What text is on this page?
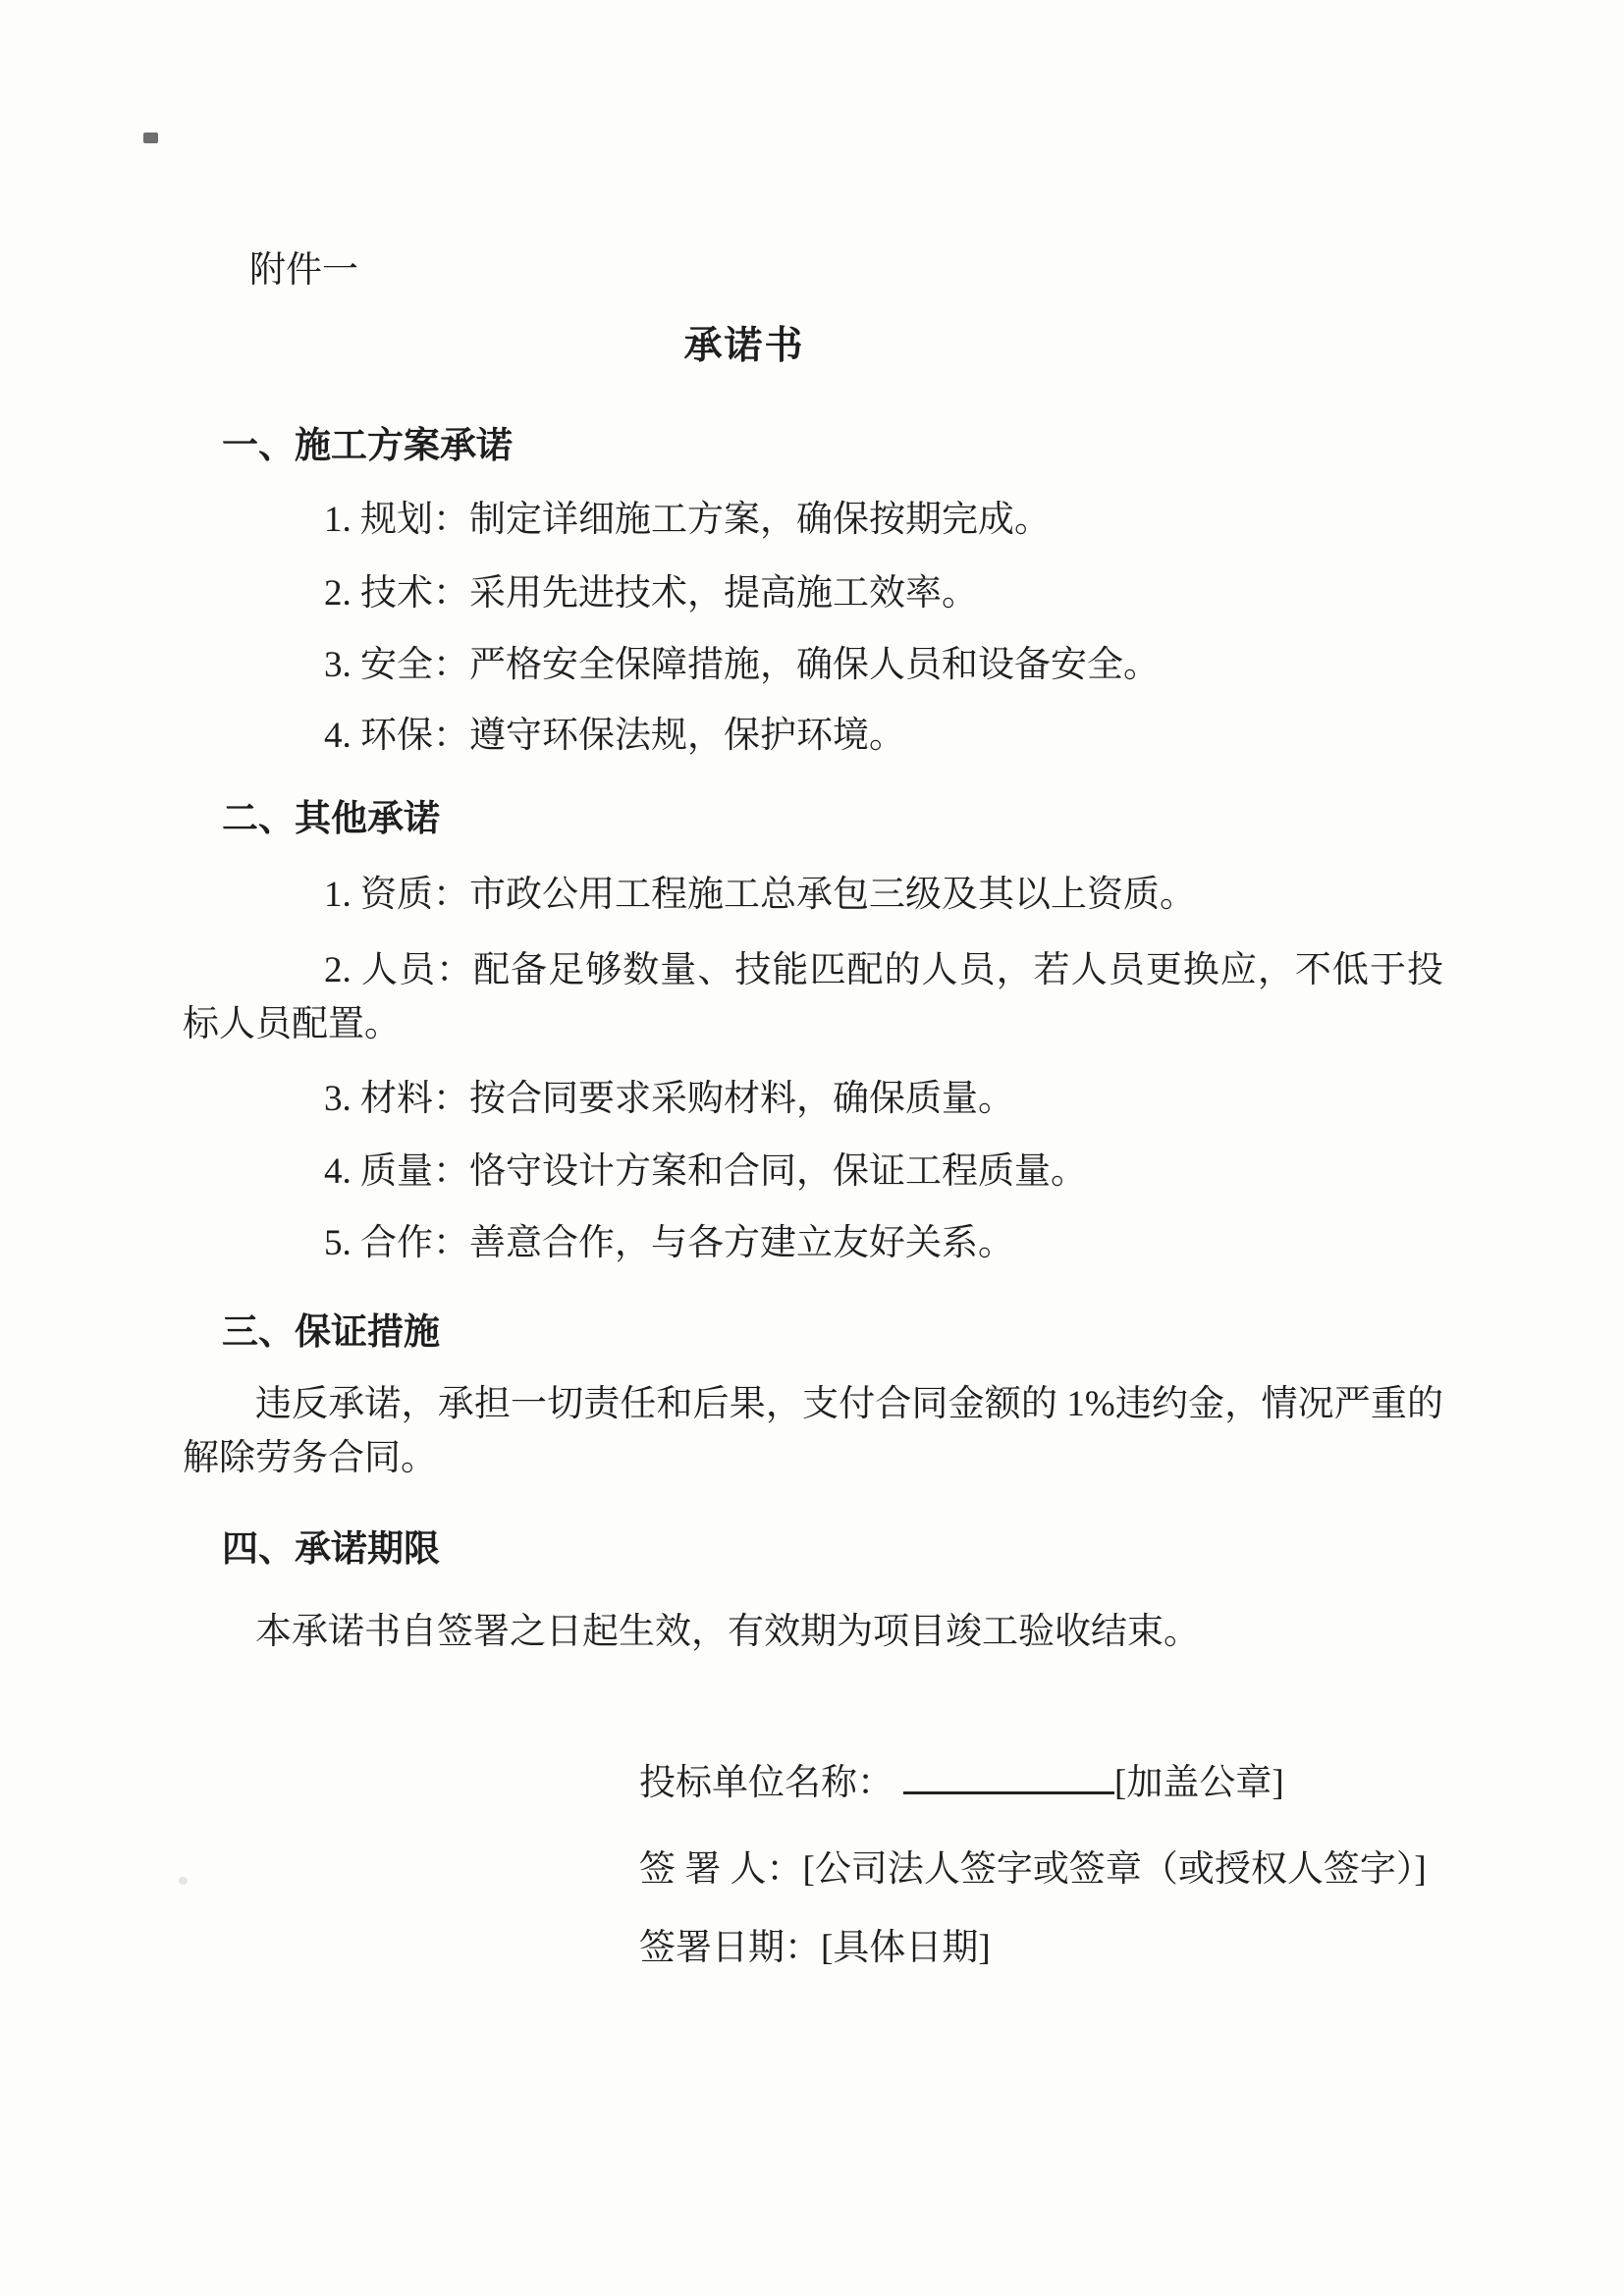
附件一
承诺书
一、施工方案承诺
1. 规划：制定详细施工方案，确保按期完成。
2. 技术：采用先进技术，提高施工效率。
3. 安全：严格安全保障措施，确保人员和设备安全。
4. 环保：遵守环保法规，保护环境。
二、其他承诺
1. 资质：市政公用工程施工总承包三级及其以上资质。
2. 人员：配备足够数量、技能匹配的人员，若人员更换应，不低于投标人员配置。
3. 材料：按合同要求采购材料，确保质量。
4. 质量：恪守设计方案和合同，保证工程质量。
5. 合作：善意合作，与各方建立友好关系。
三、保证措施
违反承诺，承担一切责任和后果，支付合同金额的 1%违约金，情况严重的解除劳务合同。
四、承诺期限
本承诺书自签署之日起生效，有效期为项目竣工验收结束。
投标单位名称：	[加盖公章]
签 署 人：[公司法人签字或签章（或授权人签字）]
签署日期：[具体日期]
